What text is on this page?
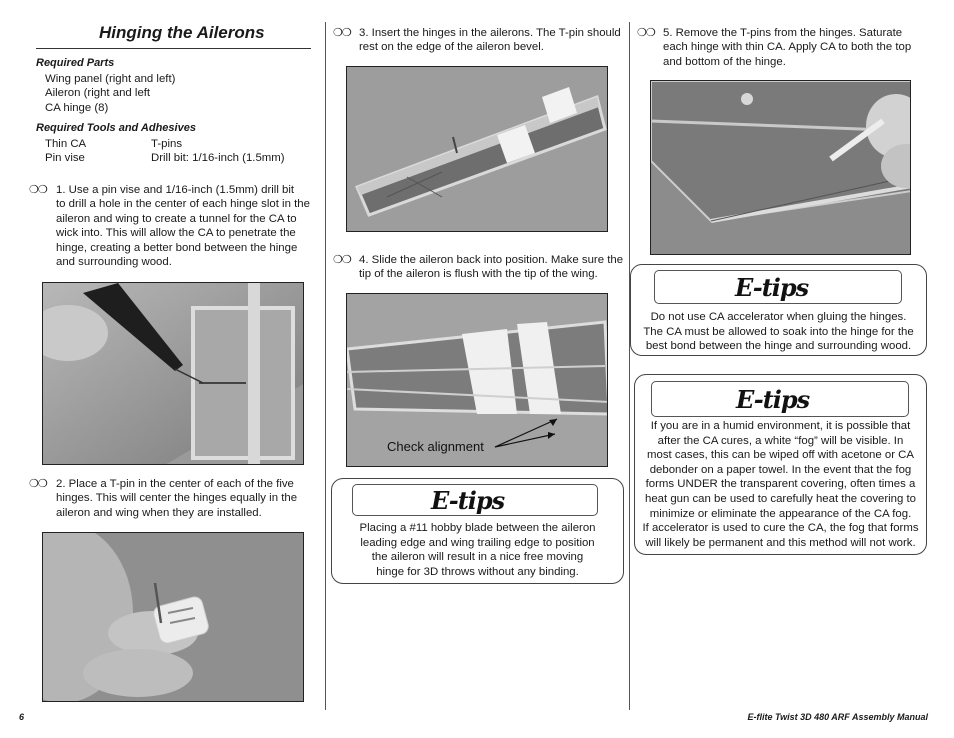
Hinging the Ailerons
Required Parts
Wing panel (right and left)
Aileron (right and left
CA hinge (8)
Required Tools and Adhesives
Thin CA	T-pins
Pin vise	Drill bit: 1/16-inch (1.5mm)
❍❍ 1. Use a pin vise and 1/16-inch (1.5mm) drill bit
to drill a hole in the center of each hinge slot in the
aileron and wing to create a tunnel for the CA to
wick into. This will allow the CA to penetrate the
hinge, creating a better bond between the hinge
and surrounding wood.
❍❍ 2. Place a T-pin in the center of each of the five
hinges. This will center the hinges equally in the
aileron and wing when they are installed.
❍❍ 3. Insert the hinges in the ailerons. The T-pin should
rest on the edge of the aileron bevel.
❍❍ 4. Slide the aileron back into position. Make sure the
tip of the aileron is flush with the tip of the wing.
Check alignment
E-tips
Placing a #11 hobby blade between the aileron
leading edge and wing trailing edge to position
the aileron will result in a nice free moving
hinge for 3D throws without any binding.
❍❍ 5. Remove the T-pins from the hinges. Saturate
each hinge with thin CA. Apply CA to both the top
and bottom of the hinge.
E-tips
Do not use CA accelerator when gluing the hinges.
The CA must be allowed to soak into the hinge for the
best bond between the hinge and surrounding wood.
E-tips
If you are in a humid environment, it is possible that
after the CA cures, a white “fog” will be visible. In
most cases, this can be wiped off with acetone or CA
debonder on a paper towel. In the event that the fog
forms UNDER the transparent covering, often times a
heat gun can be used to carefully heat the covering to
minimize or eliminate the appearance of the CA fog.
If accelerator is used to cure the CA, the fog that forms
will likely be permanent and this method will not work.
6	E-flite Twist 3D 480 ARF Assembly Manual
